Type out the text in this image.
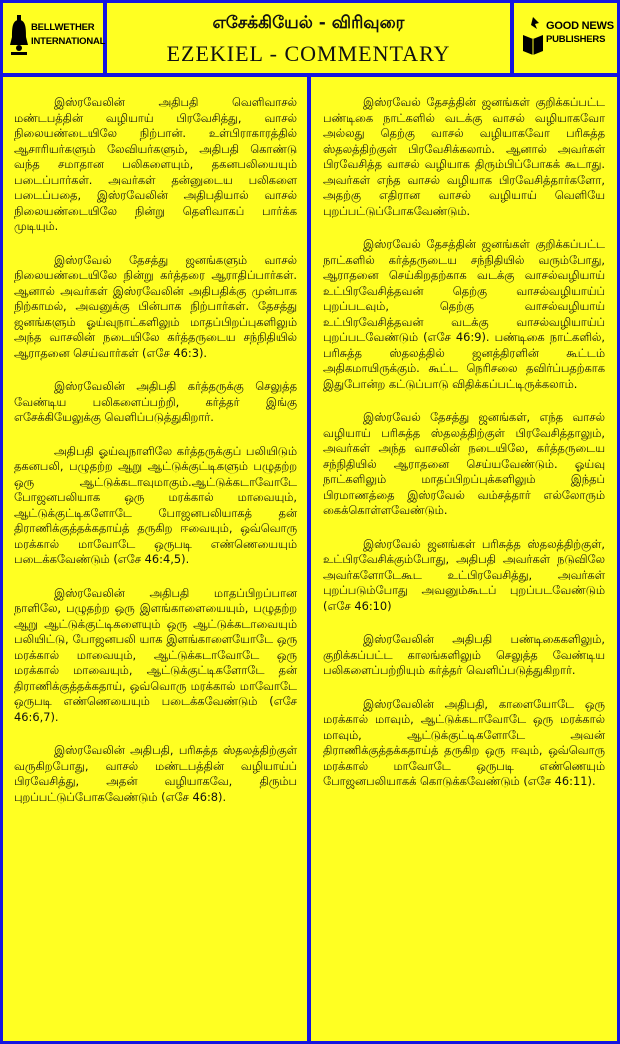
BELLWETHER
INTERNATIONAL
எசேக்கியேல் - விரிவுரை
EZEKIEL - COMMENTARY
GOOD NEWS
PUBLISHERS

இஸ்ரவேலின் அதிபதி வெளிவாசல் மண்டபத்தின் வழியாய் பிரவேசித்து, வாசல் நிலையண்டையிலே நிற்பான். உள்பிராகாரத்தில் ஆசாரியர்களும் லேவியர்களும், அதிபதி கொண்டு வந்த சமாதான பலிகளையும், தகனபலியையும் படைப்பார்கள். அவர்கள் தன்னுடைய பலிகளை படைப்பதை, இஸ்ரவேலின் அதிபதியால் வாசல் நிலையண்டையிலே நின்று தெளிவாகப் பார்க்க முடியும்.

இஸ்ரவேல் தேசத்து ஜனங்களும் வாசல் நிலையண்டையிலே நின்று கர்த்தரை ஆராதிப்பார்கள். ஆனால் அவர்கள் இஸ்ரவேலின் அதிபதிக்கு முன்பாக நிற்காமல், அவனுக்கு பின்பாக நிற்பார்கள். தேசத்து ஜனங்களும் ஓய்வுநாட்களிலும் மாதப்பிறப்புகளிலும் அந்த வாசலின் நடையிலே கர்த்தருடைய சந்நிதியில் ஆராதனை செய்வார்கள் (எசே 46:3).

இஸ்ரவேலின் அதிபதி கர்த்தருக்கு செலுத்த வேண்டிய பலிகளைப்பற்றி, கர்த்தர் இங்கு எசேக்கியேலுக்கு வெளிப்படுத்துகிறார்.

அதிபதி ஓய்வுநாளிலே கர்த்தருக்குப் பலியிடும் தகனபலி, பழுதற்ற ஆறு ஆட்டுக்குட்டிகளும் பழுதற்ற ஒரு ஆட்டுக்கடாவுமாகும்.ஆட்டுக்கடாவோடே போஜனபலியாக ஒரு மரக்கால் மாவையும், ஆட்டுக்குட்டிகளோடே போஜனபலியாகத் தன் திராணிக்குத்தக்கதாய்த் தருகிற ஈவையும், ஒவ்வொரு மரக்கால் மாவோடே ஒருபடி எண்ணெயையும் படைக்கவேண்டும் (எசே 46:4,5).

இஸ்ரவேலின் அதிபதி மாதப்பிறப்பான நாளிலே, பழுதற்ற ஒரு இளங்காளையையும், பழுதற்ற ஆறு ஆட்டுக்குட்டிகளையும் ஒரு ஆட்டுக்கடாவையும் பலியிட்டு, போஜனபலி யாக இளங்காளையோடே ஒரு மரக்கால் மாவையும், ஆட்டுக்கடாவோடே ஒரு மரக்கால் மாவையும், ஆட்டுக்குட்டிகளோடே தன் திராணிக்குத்தக்கதாய், ஒவ்வொரு மரக்கால் மாவோடே ஒருபடி எண்ணெயையும் படைக்கவேண்டும் (எசே 46:6,7).

இஸ்ரவேலின் அதிபதி, பரிசுத்த ஸ்தலத்திற்குள் வருகிறபோது, வாசல் மண்டபத்தின் வழியாய்ப் பிரவேசித்து, அதன் வழியாகவே, திரும்ப புறப்பட்டுப்போகவேண்டும் (எசே 46:8).

இஸ்ரவேல் தேசத்தின் ஜனங்கள் குறிக்கப்பட்ட பண்டிகை நாட்களில் வடக்கு வாசல் வழியாகவோ அல்லது தெற்கு வாசல் வழியாகவோ பரிசுத்த ஸ்தலத்திற்குள் பிரவேசிக்கலாம். ஆனால் அவர்கள் பிரவேசித்த வாசல் வழியாக திரும்பிப்போகக் கூடாது. அவர்கள் எந்த வாசல் வழியாக பிரவேசித்தார்களோ, அதற்கு எதிரான வாசல் வழியாய் வெளியே புறப்பட்டுப்போகவேண்டும்.

இஸ்ரவேல் தேசத்தின் ஜனங்கள் குறிக்கப்பட்ட நாட்களில் கர்த்தருடைய சந்நிதியில் வரும்போது, ஆராதனை செய்கிறதற்காக வடக்கு வாசல்வழியாய் உட்பிரவேசித்தவன் தெற்கு வாசல்வழியாய்ப் புறப்படவும், தெற்கு வாசல்வழியாய் உட்பிரவேசித்தவன் வடக்கு வாசல்வழியாய்ப் புறப்படவேண்டும் (எசே 46:9). பண்டிகை நாட்களில், பரிசுத்த ஸ்தலத்தில் ஜனத்திரளின் கூட்டம் அதிகமாயிருக்கும். கூட்ட நெரிசலை தவிர்ப்பதற்காக இதுபோன்ற கட்டுப்பாடு விதிக்கப்பட்டிருக்கலாம்.

இஸ்ரவேல் தேசத்து ஜனங்கள், எந்த வாசல் வழியாய் பரிசுத்த ஸ்தலத்திற்குள் பிரவேசித்தாலும், அவர்கள் அந்த வாசலின் நடையிலே, கர்த்தருடைய சந்நிதியில் ஆராதனை செய்யவேண்டும். ஓய்வு நாட்களிலும் மாதப்பிறப்புக்களிலும் இந்தப் பிரமாணத்தை இஸ்ரவேல் வம்சத்தார் எல்லோரும் கைக்கொள்ளவேண்டும்.

இஸ்ரவேல் ஜனங்கள் பரிசுத்த ஸ்தலத்திற்குள், உட்பிரவேசிக்கும்போது, அதிபதி அவர்கள் நடுவிலே அவர்களோடேகூட உட்பிரவேசித்து, அவர்கள் புறப்படும்போது அவனும்கூடப் புறப்படவேண்டும் (எசே 46:10)

இஸ்ரவேலின் அதிபதி பண்டிகைகளிலும், குறிக்கப்பட்ட காலங்களிலும் செலுத்த வேண்டிய பலிகளைப்பற்றியும் கர்த்தர் வெளிப்படுத்துகிறார்.

இஸ்ரவேலின் அதிபதி, காளையோடே ஒரு மரக்கால் மாவும், ஆட்டுக்கடாவோடே ஒரு மரக்கால் மாவும், ஆட்டுக்குட்டிகளோடே அவன் திராணிக்குத்தக்கதாய்த் தருகிற ஒரு ஈவும், ஒவ்வொரு மரக்கால் மாவோடே ஒருபடி எண்ணெயும் போஜனபலியாகக் கொடுக்கவேண்டும் (எசே 46:11).
